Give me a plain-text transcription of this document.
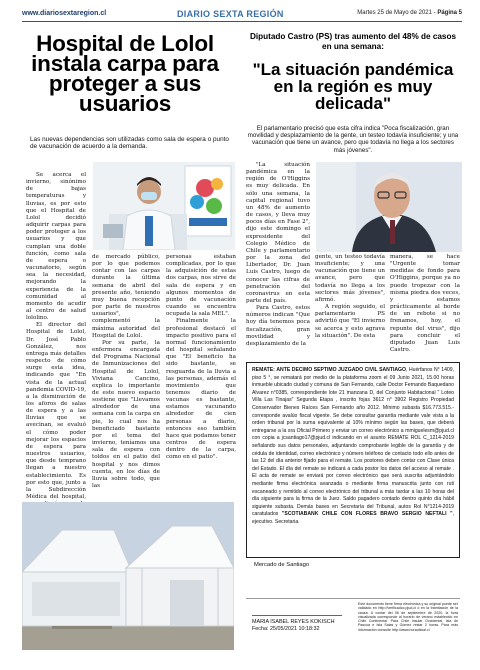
www.diariosextaregion.cl	DIARIO SEXTA REGIÓN	Martes 25 de Mayo de 2021 - Página 5
Hospital de Lolol instala carpa para proteger a sus usuarios
Las nuevas dependencias son utilizadas como sala de espera o punto de vacunación de acuerdo a la demanda.

Se acerca el invierno, sinónimo de bajas temperaturas y lluvias, es por esto que el Hospital de Lolol decidió adquirir carpas para poder proteger a los usuarios y que cumplan una doble función, como sala de espera o vacunatorio, según sea la necesidad, mejorando la experiencia de la comunidad al momento de acudir al centro de salud lololino.

El director del Hospital de Lolol, Dr. José Pablo González, nos entrega más detalles respecto de cómo surge esta idea, indicando que "En vista de la actual pandemia COVID-19, a la disminución de los aforos de salas de espera y a las lluvias que se avecinan, se evaluó el cómo poder mejorar los espacios de espera para nuestros usuarios, que desde temprano llegan a nuestro establecimiento. Es por esto que, junto a la Subdirección Médica del hospital,

de mercado público, por lo que podemos contar con las carpas durante la última semana de abril del presente año, teniendo muy buena recepción por parte de nuestros usuarios", complementó la máxima autoridad del Hospital de Lolol.

Por su parte, la enfermera encargada del Programa Nacional de Inmunizaciones del Hospital de Lolol, Viviana Cancino, explica lo importante de este nuevo espacio sostiene que "Llevamos alrededor de una semana con la carpa en pie, lo cual nos ha beneficiado bastante por el tema del invierno, teníamos una sala de espera con toldos en el patio del hospital y nos dimos cuenta, en los días de lluvia sobre todo, que las

personas estaban complicadas, por lo que la adquisición de estas dos carpas, nos sirve de sala de espera y en algunos momentos de punto de vacunación cuando se encuentra ocupada la sala MEL".

Finalmente la profesional destacó el impacto positivo para el normal funcionamiento del hospital señalando que "El beneficio ha sido bastante, se resguarda de la lluvia a las personas, además el movimiento que tenemos diario de vacunas es bastante, estamos vacunando alrededor de cien personas a diario, entonces eso también hace que podamos tener centros de espera dentro de la carpa, como en el patio".

Diputado Castro (PS) tras aumento del 48% de casos en una semana:
"La situación pandémica en la región es muy delicada"
El parlamentario precisó que esta cifra indica "Poca fiscalización, gran movilidad y desplazamiento de la gente, un testeo todavía insuficiente; y una vacunación que tiene un avance, pero que todavía no llega a los sectores más jóvenes".

"La situación pandémica en la región de O'Higgins es muy delicada. En sólo una semana, la capital regional tuvo un 48% de aumento de casos, y lleva muy pocos días en Fase 2", dijo este domingo el expresidente del Colegio Médico de Chile y parlamentario por la zona del Libertador, Dr. Juan Luis Castro, luego de conocer las cifras de penetración del coronavirus en esta parte del país.

Para Castro, estos números indican "Que hoy día tenemos poca fiscalización, gran movilidad y desplazamiento de la

gente, un testeo todavía insuficiente; y una vacunación que tiene un avance, pero que todavía no llega a los sectores más jóvenes", afirmó.

A región seguido, el parlamentario PS advirtió que "El invierno se acerca y esto agrava la situación". De esta

manera, se hace "Urgente tomar medidas de fondo para O'Higgins, porque ya no puede tropezar con la misma piedra dos veces, y estamos prácticamente al borde de un rebote si no frenamos, hoy, el repunte del virus", dijo para concluir el diputado Juan Luis Castro.

REMATE: ANTE DECIMO SEPTIMO JUZGADO CIVIL SANTIAGO, Huérfanos N° 1409, piso 5 °, se rematará por medio de la plataforma zoom el 09 Junio 2021, 15.00 horas inmueble ubicado ciudad y comuna de San Fernando, calle Doctor Fernando Baquedano Alvarez n°0385, correspondiente lote 21 manzana D, del Conjunto Habitacional " Loteo Villa Las Tinajas" Segunda Etapa , inscrito fojas 3612 n° 3902 Registro Propiedad Conservador Bienes Raíces San Fernando año 2012. Mínimo subasta $16.773.515.- corresponde avalúo fiscal vigente. Se debe consultar garantía mediante vale vista a la orden tribunal por la suma equivalente al 10% mínimo según las bases, que deberá entregarse a la sra Oficial Primero y enviar un correo electrónico a mmiguelesm@pjud.cl con copia a jcsantiago17@pjud.cl indicando en el asunto REMATE ROL C_1214-2019 señalando sus datos personales, adjuntando comprobante legible de la garantía y de cédula de identidad, correo electrónico y número teléfono de contacto todo ello antes de las 12 del día anterior fijado para el remate. Los postores deben contar con Clave única del Estado. El día del remate se indicará a cada postor los datos del acceso al remate . El acta de remate se enviará por correo electrónico que será suscrita adjuntándolo mediante firma electrónica avanzada o mediante firma manuscrita junto con ruti escaneado y remitido al correo electrónico del tribunal a más tardar a las 10 horas del día siguiente para la firma de la Juez. Saldo pagadero contado dentro quinto día hábil siguiente subasta. Demás bases en Secretaría del Tribunal, autos Rol N°1214-2019 caratulados "SCOTIABANK CHILE CON FLORES BRAVO SERGIO NEFTALI ", ejecutivo. Secretaria.
Mercado de Santiago
MARIA ISABEL REYES KOKISCH
Fecha: 25/05/2021 10:18:32
Este documento tiene firma electrónica y su original puede ser validado en http://verificadoc.pjud.cl o en la tramitación de la causa. A contar del 06 de septiembre de 2020, la hora visualizada corresponde al horario de verano establecido en Chile Continental. Para Chile Insular Occidental, Isla de Pascua e Isla Salas y Gómez restar 2 horas. Para más información consulte http://www.horaoficial.cl
